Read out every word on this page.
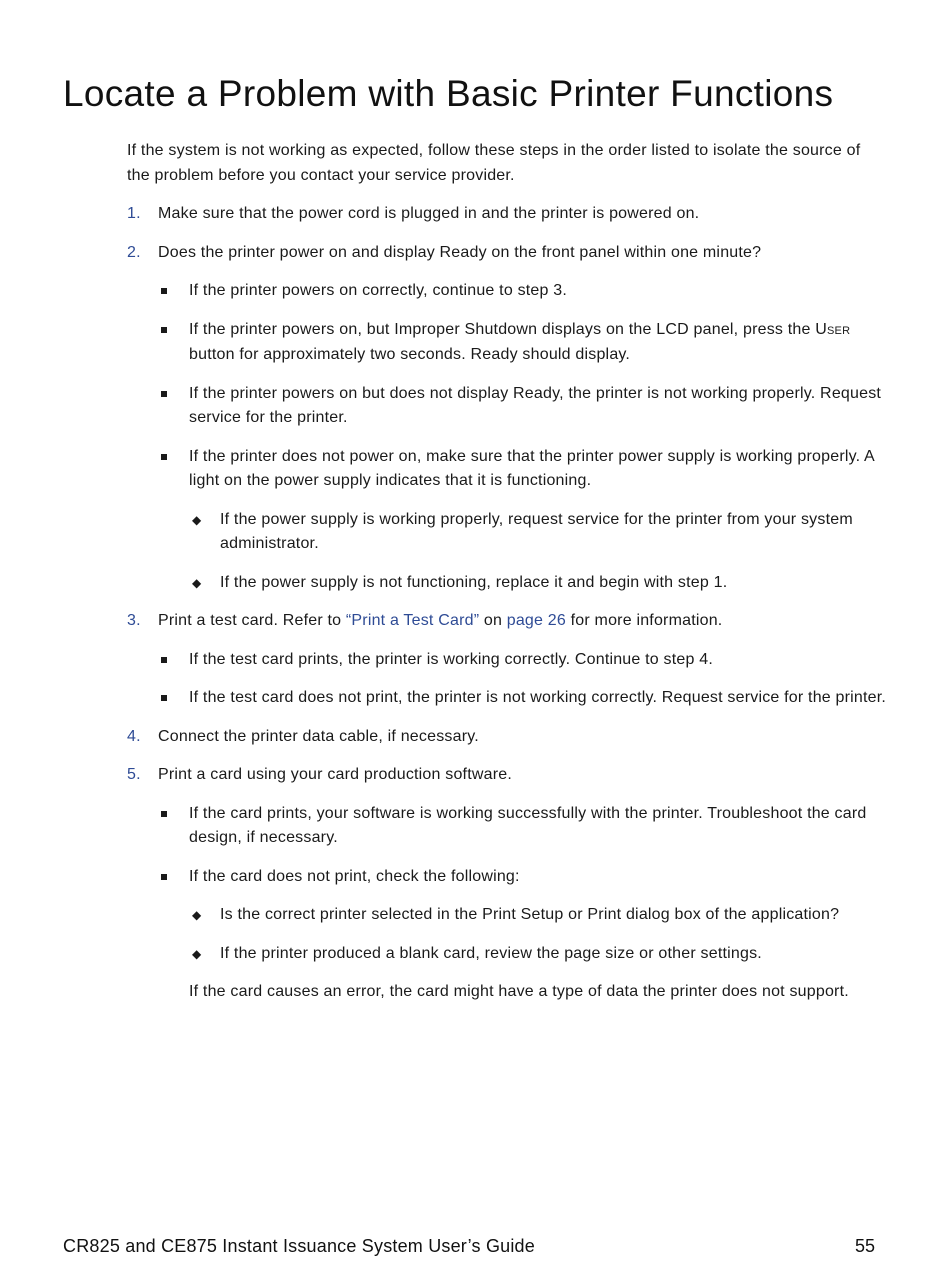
Locate a Problem with Basic Printer Functions

If the system is not working as expected, follow these steps in the order listed to isolate the source of the problem before you contact your service provider.

1. Make sure that the power cord is plugged in and the printer is powered on.
2. Does the printer power on and display Ready on the front panel within one minute?
If the printer powers on correctly, continue to step 3.
If the printer powers on, but Improper Shutdown displays on the LCD panel, press the USER button for approximately two seconds. Ready should display.
If the printer powers on but does not display Ready, the printer is not working properly. Request service for the printer.
If the printer does not power on, make sure that the printer power supply is working properly. A light on the power supply indicates that it is functioning.
◆ If the power supply is working properly, request service for the printer from your system administrator.
◆ If the power supply is not functioning, replace it and begin with step 1.
3. Print a test card. Refer to “Print a Test Card” on page 26 for more information.
If the test card prints, the printer is working correctly. Continue to step 4.
If the test card does not print, the printer is not working correctly. Request service for the printer.
4. Connect the printer data cable, if necessary.
5. Print a card using your card production software.
If the card prints, your software is working successfully with the printer. Troubleshoot the card design, if necessary.
If the card does not print, check the following:
◆ Is the correct printer selected in the Print Setup or Print dialog box of the application?
◆ If the printer produced a blank card, review the page size or other settings.

If the card causes an error, the card might have a type of data the printer does not support.

CR825 and CE875 Instant Issuance System User’s Guide	55
